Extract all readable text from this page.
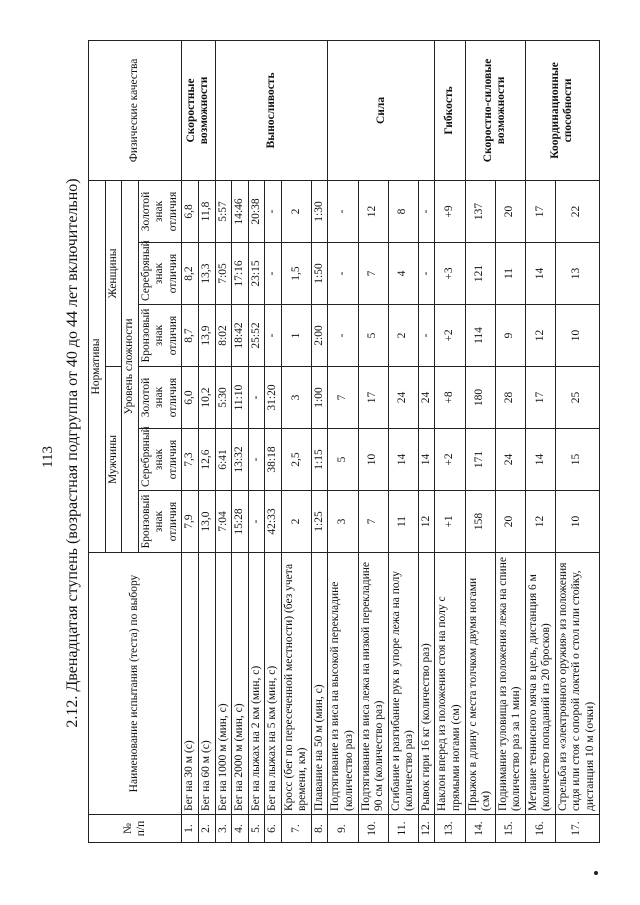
113 2.12. Двенадцатая ступень (возрастная подгруппа от 40 до 44 лет включительно)
№ п/п	Наименование испытания (теста) по выбору	Нормативы						Физические качества
		Мужчины			Женщины			
		Уровень сложности						
		Бронзовый знак отличия	Серебряный знак отличия	Золотой знак отличия	Бронзовый знак отличия	Серебряный знак отличия	Золотой знак отличия	
1.	Бег на 30 м (с)	7,9	7,3	6,0	8,7	8,2	6,8	Скоростные возможности
2.	Бег на 60 м (с)	13,0	12,6	10,2	13,9	13,3	11,8	
3.	Бег на 1000 м (мин, с)	7:04	6:41	5:30	8:02	7:05	5:57	Выносливость
4.	Бег на 2000 м (мин, с)	15:28	13:32	11:10	18:42	17:16	14:46	
5.	Бег на лыжах на 2 км (мин, с)	-	-	-	25:52	23:15	20:38	
6.	Бег на лыжах на 5 км (мин, с)	42:33	38:18	31:20	-	-	-	
7.	Кросс (бег по пересеченной местности) (без учета времени, км)	2	2,5	3	1	1,5	2	
8.	Плавание на 50 м (мин, с)	1:25	1:15	1:00	2:00	1:50	1:30	
9.	Подтягивание из виса на высокой перекладине (количество раз)	3	5	7	-	-	-	Сила
10.	Подтягивание из виса лежа на низкой перекладине 90 см (количество раз)	7	10	17	5	7	12	
11.	Сгибание и разгибание рук в упоре лежа на полу (количество раз)	11	14	24	2	4	8	
12.	Рывок гири 16 кг (количество раз)	12	14	24	-	-	-	
13.	Наклон вперед из положения стоя на полу с прямыми ногами (см)	+1	+2	+8	+2	+3	+9	Гибкость
14.	Прыжок в длину с места толчком двумя ногами (см)	158	171	180	114	121	137	Скоростно-силовые возможности
15.	Поднимание туловища из положения лежа на спине (количество раз за 1 мин)	20	24	28	9	11	20	
16.	Метание теннисного мяча в цель, дистанция 6 м (количество попаданий из 20 бросков)	12	14	17	12	14	17	Координационные способности
17.	Стрельба из «электронного оружия» из положения сидя или стоя с опорой локтей о стол или стойку, дистанция 10 м (очки)	10	15	25	10	13	22	
